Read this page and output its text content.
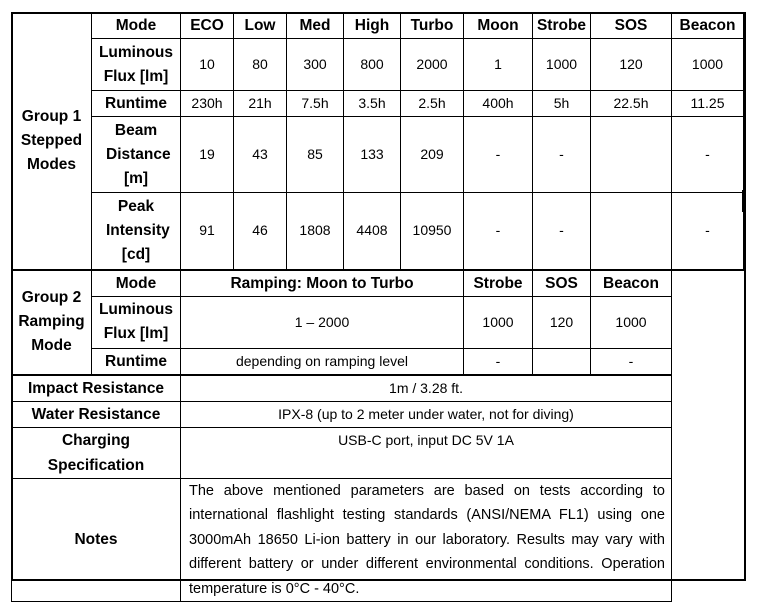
Group 1 Stepped Modes	Mode	ECO	Low	Med	High	Turbo	Moon	Strobe	SOS	Beacon
	Luminous Flux [lm]	10	80	300	800	2000	1	1000	120	1000
	Runtime	230h	21h	7.5h	3.5h	2.5h	400h	5h	22.5h	11.25
	Beam Distance [m]	19	43	85	133	209	-	-		-
	Peak Intensity [cd]	91	46	1808	4408	10950	-	-		-
Group 2 Ramping Mode	Mode	Ramping: Moon to Turbo					Strobe	SOS	Beacon	
	Luminous Flux [lm]	1 – 2000					1000	120	1000	
	Runtime	depending on ramping level					-		-	
Impact Resistance		1m / 3.28 ft.								
Water Resistance		IPX-8 (up to 2 meter under water, not for diving)								
Charging Specification		USB-C port, input DC 5V 1A								
Notes		The above mentioned parameters are based on tests according to international flashlight testing standards (ANSI/NEMA FL1) using one 3000mAh 18650 Li-ion battery in our laboratory. Results may vary with different battery or under different environmental conditions. Operation temperature is 0°C - 40°C.								
